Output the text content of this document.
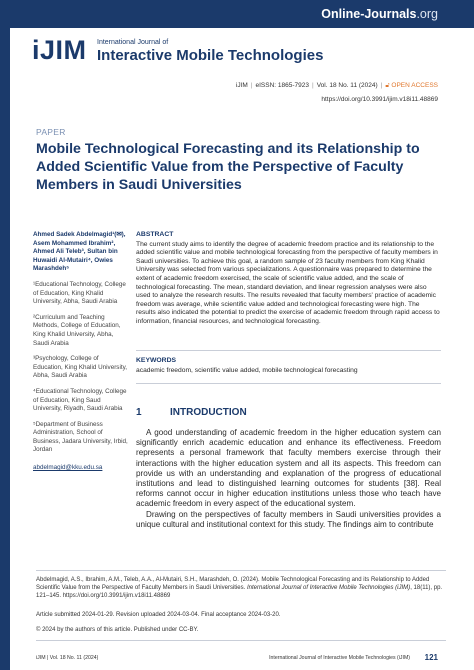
Online-Journals.org
iJIM International Journal of
Interactive Mobile Technologies
iJIM | eISSN: 1865-7923 | Vol. 18 No. 11 (2024) | 🔓︎ OPEN ACCESS
https://doi.org/10.3991/ijim.v18i11.48869
PAPER
Mobile Technological Forecasting and its Relationship to Added Scientific Value from the Perspective of Faculty Members in Saudi Universities
Ahmed Sadek Abdelmagid¹(✉), Asem Mohammed Ibrahim², Ahmed Ali Teleb³, Sultan bin Huwaidi Al-Mutairi⁴, Owies Marashdeh⁵
¹Educational Technology, College of Education, King Khalid University, Abha, Saudi Arabia
²Curriculum and Teaching Methods, College of Education, King Khalid University, Abha, Saudi Arabia
³Psychology, College of Education, King Khalid University, Abha, Saudi Arabia
⁴Educational Technology, College of Education, King Saud University, Riyadh, Saudi Arabia
⁵Department of Business Administration, School of Business, Jadara University, Irbid, Jordan
abdelmagid@kku.edu.sa
ABSTRACT
The current study aims to identify the degree of academic freedom practice and its relationship to the added scientific value and mobile technological forecasting from the perspective of faculty members in Saudi universities. To achieve this goal, a random sample of 23 faculty members from King Khalid University was selected from various specializations. A questionnaire was prepared to determine the extent of academic freedom exercised, the scale of scientific value added, and the scale of technological forecasting. The mean, standard deviation, and linear regression analyses were also used to analyze the research results. The results revealed that faculty members' practice of academic freedom was average, while scientific value added and technological forecasting were high. The results also indicated the potential to predict the exercise of academic freedom through rapid access to information, financial resources, and technological forecasting.
KEYWORDS
academic freedom, scientific value added, mobile technological forecasting
1	INTRODUCTION

A good understanding of academic freedom in the higher education system can significantly enrich academic education and enhance its effectiveness. Freedom represents a personal framework that faculty members exercise through their interactions with the higher education system and all its aspects. This freedom can provide us with an understanding and explanation of the progress of educational institutions and lead to distinguished learning outcomes for students [38]. Real reforms cannot occur in higher education institutions unless those who teach have academic freedom in every aspect of the educational system.

Drawing on the perspectives of faculty members in Saudi universities provides a unique cultural and institutional context for this study. The findings aim to contribute

Abdelmagid, A.S., Ibrahim, A.M., Teleb, A.A., Al-Mutairi, S.H., Marashdeh, O. (2024). Mobile Technological Forecasting and its Relationship to Added Scientific Value from the Perspective of Faculty Members in Saudi Universities. International Journal of Interactive Mobile Technologies (iJIM), 18(11), pp. 121–145. https://doi.org/10.3991/ijim.v18i11.48869
Article submitted 2024-01-29. Revision uploaded 2024-03-04. Final acceptance 2024-03-20.
© 2024 by the authors of this article. Published under CC-BY.
iJIM | Vol. 18 No. 11 (2024)	International Journal of Interactive Mobile Technologies (iJIM) 121
